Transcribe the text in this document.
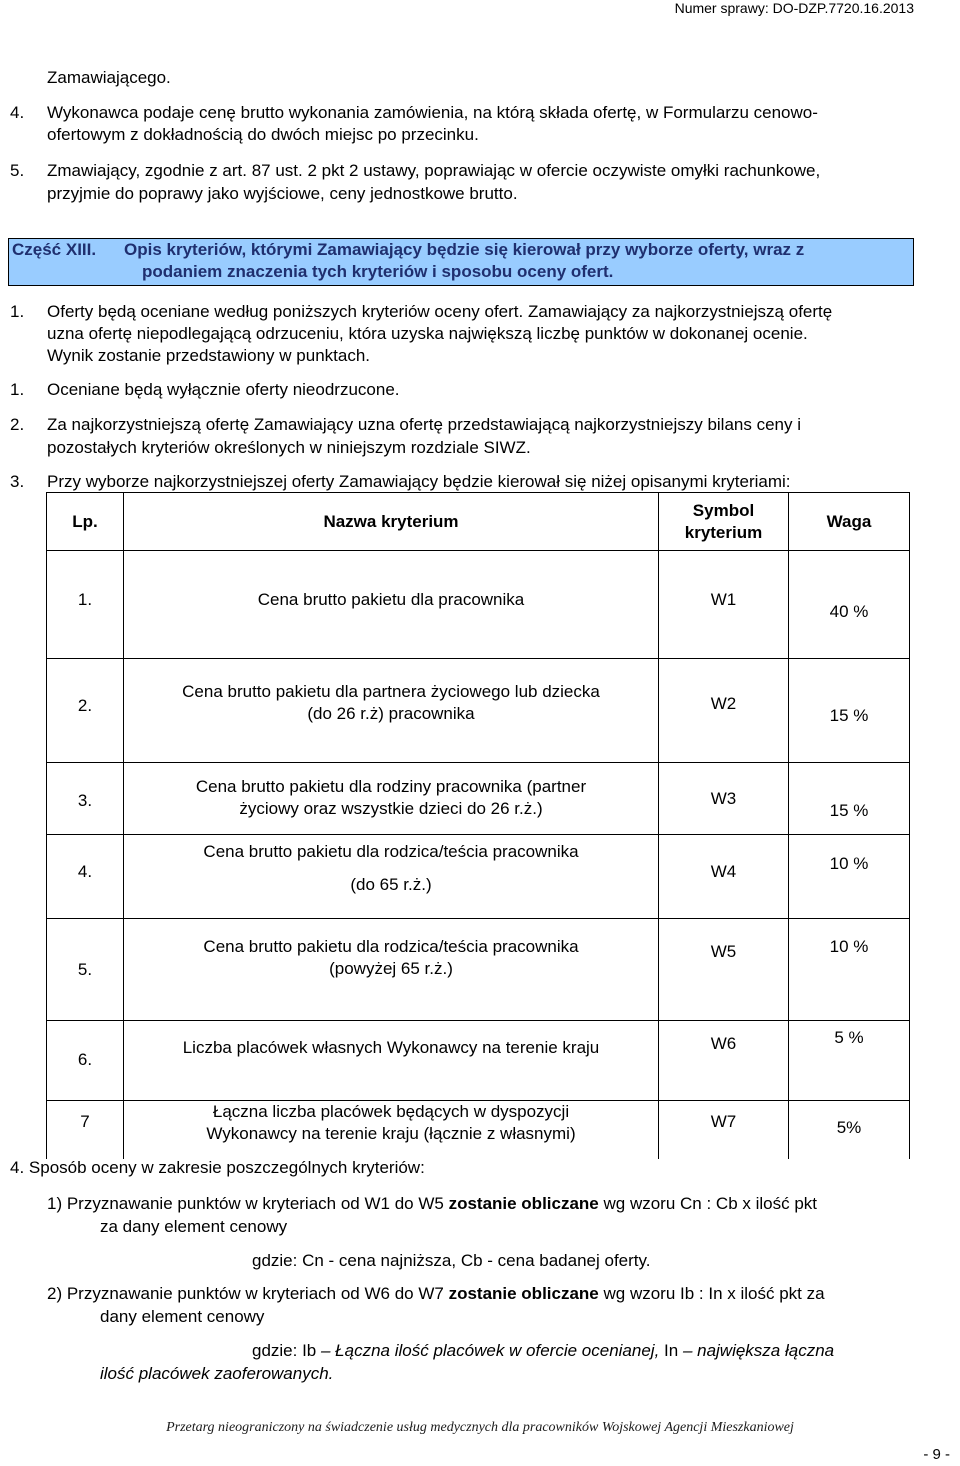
Numer sprawy: DO-DZP.7720.16.2013
Zamawiającego.
4. Wykonawca podaje cenę brutto wykonania zamówienia, na którą składa ofertę, w Formularzu cenowo-
ofertowym z dokładnością do dwóch miejsc po przecinku.
5. Zmawiający, zgodnie z art. 87 ust. 2 pkt 2 ustawy, poprawiając w ofercie oczywiste omyłki rachunkowe,
przyjmie do poprawy jako wyjściowe, ceny jednostkowe brutto.
Część XIII. Opis kryteriów, którymi Zamawiający będzie się kierował przy wyborze oferty, wraz z
podaniem znaczenia tych kryteriów i sposobu oceny ofert.
1. Oferty będą oceniane według poniższych kryteriów oceny ofert. Zamawiający za najkorzystniejszą ofertę
uzna ofertę niepodlegającą odrzuceniu, która uzyska największą liczbę punktów w dokonanej ocenie.
Wynik zostanie przedstawiony w punktach.
1. Oceniane będą wyłącznie oferty nieodrzucone.
2. Za najkorzystniejszą ofertę Zamawiający uzna ofertę przedstawiającą najkorzystniejszy bilans ceny i
pozostałych kryteriów określonych w niniejszym rozdziale SIWZ.
3. Przy wyborze najkorzystniejszej oferty Zamawiający będzie kierował się niżej opisanymi kryteriami:
Lp.	Nazwa kryterium	Symbol
kryterium	Waga

1.	Cena brutto pakietu dla pracownika	W1	40 %

2.	Cena brutto pakietu dla partnera życiowego lub dziecka
(do 26 r.ż) pracownika	W2	15 %

3.	Cena brutto pakietu dla rodziny pracownika (partner
życiowy oraz wszystkie dzieci do 26 r.ż.)	W3	15 %

4.	Cena brutto pakietu dla rodzica/teścia pracownika
(do 65 r.ż.)	W4	10 %

5.	Cena brutto pakietu dla rodzica/teścia pracownika
(powyżej 65 r.ż.)	W5	10 %

6.	Liczba placówek własnych Wykonawcy na terenie kraju	W6	5 %

7	Łączna liczba placówek będących w dyspozycji
Wykonawcy na terenie kraju (łącznie z własnymi)	W7	5%
4. Sposób oceny w zakresie poszczególnych kryteriów:
1) Przyznawanie punktów w kryteriach od W1 do W5 zostanie obliczane wg wzoru Cn : Cb x ilość pkt
za dany element cenowy
gdzie: Cn - cena najniższa, Cb - cena badanej oferty.
2) Przyznawanie punktów w kryteriach od W6 do W7 zostanie obliczane wg wzoru Ib : In x ilość pkt za
dany element cenowy
gdzie: Ib – Łączna ilość placówek w ofercie ocenianej, In – największa łączna
ilość placówek zaoferowanych.
Przetarg nieograniczony na świadczenie usług medycznych dla pracowników Wojskowej Agencji Mieszkaniowej
- 9 -
